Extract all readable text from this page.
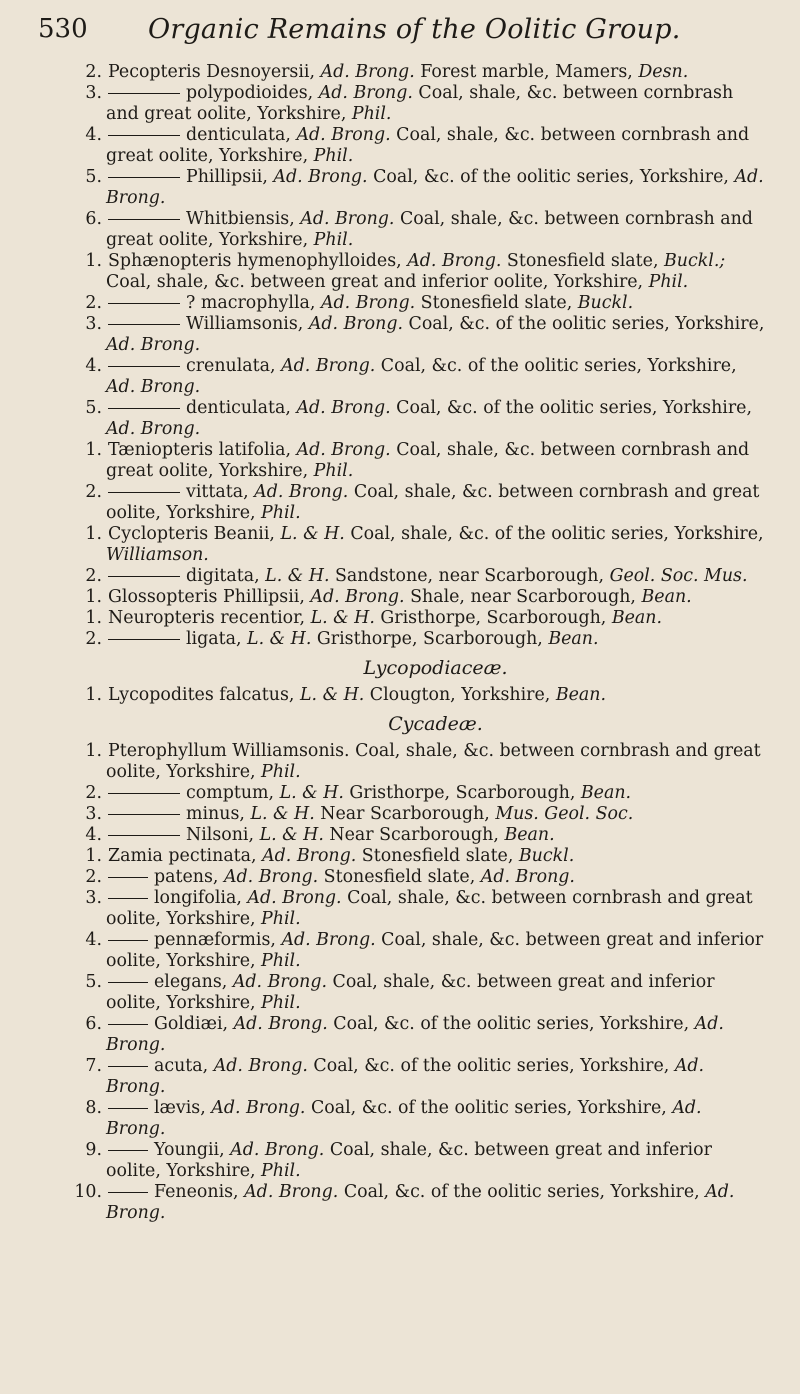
530 Organic Remains of the Oolitic Group.

2. Pecopteris Desnoyersii, Ad. Brong. Forest marble, Mamers, Desn.

3.	polypodioides, Ad. Brong. Coal, shale, &c. between cornbrash and great oolite, Yorkshire, Phil.

4.	denticulata, Ad. Brong. Coal, shale, &c. between cornbrash and great oolite, Yorkshire, Phil.

5.	Phillipsii, Ad. Brong. Coal, &c. of the oolitic series, Yorkshire, Ad. Brong.

6.	Whitbiensis, Ad. Brong. Coal, shale, &c. between cornbrash and great oolite, Yorkshire, Phil.

1. Sphænopteris hymenophylloides, Ad. Brong. Stonesfield slate, Buckl.; Coal, shale, &c. between great and inferior oolite, Yorkshire, Phil.

2.	? macrophylla, Ad. Brong. Stonesfield slate, Buckl.

3.	Williamsonis, Ad. Brong. Coal, &c. of the oolitic series, Yorkshire, Ad. Brong.

4.	crenulata, Ad. Brong. Coal, &c. of the oolitic series, Yorkshire, Ad. Brong.

5.	denticulata, Ad. Brong. Coal, &c. of the oolitic series, Yorkshire, Ad. Brong.

1. Tæniopteris latifolia, Ad. Brong. Coal, shale, &c. between cornbrash and great oolite, Yorkshire, Phil.

2.	vittata, Ad. Brong. Coal, shale, &c. between cornbrash and great oolite, Yorkshire, Phil.

1. Cyclopteris Beanii, L. & H. Coal, shale, &c. of the oolitic series, Yorkshire, Williamson.

2.	digitata, L. & H. Sandstone, near Scarborough, Geol. Soc. Mus.

1. Glossopteris Phillipsii, Ad. Brong. Shale, near Scarborough, Bean.

1. Neuropteris recentior, L. & H. Gristhorpe, Scarborough, Bean.

2.	ligata, L. & H. Gristhorpe, Scarborough, Bean.

Lycopodiaceæ.

1. Lycopodites falcatus, L. & H. Clougton, Yorkshire, Bean.

Cycadeæ.

1. Pterophyllum Williamsonis. Coal, shale, &c. between cornbrash and great oolite, Yorkshire, Phil.

2.	comptum, L. & H. Gristhorpe, Scarborough, Bean.

3.	minus, L. & H. Near Scarborough, Mus. Geol. Soc.

4.	Nilsoni, L. & H. Near Scarborough, Bean.

1. Zamia pectinata, Ad. Brong. Stonesfield slate, Buckl.

2.	patens, Ad. Brong. Stonesfield slate, Ad. Brong.

3.	longifolia, Ad. Brong. Coal, shale, &c. between cornbrash and great oolite, Yorkshire, Phil.

4.	pennæformis, Ad. Brong. Coal, shale, &c. between great and inferior oolite, Yorkshire, Phil.

5.	elegans, Ad. Brong. Coal, shale, &c. between great and inferior oolite, Yorkshire, Phil.

6.	Goldiæi, Ad. Brong. Coal, &c. of the oolitic series, Yorkshire, Ad. Brong.

7.	acuta, Ad. Brong. Coal, &c. of the oolitic series, Yorkshire, Ad. Brong.

8.	lævis, Ad. Brong. Coal, &c. of the oolitic series, Yorkshire, Ad. Brong.

9.	Youngii, Ad. Brong. Coal, shale, &c. between great and inferior oolite, Yorkshire, Phil.

10.	Feneonis, Ad. Brong. Coal, &c. of the oolitic series, Yorkshire, Ad. Brong.
